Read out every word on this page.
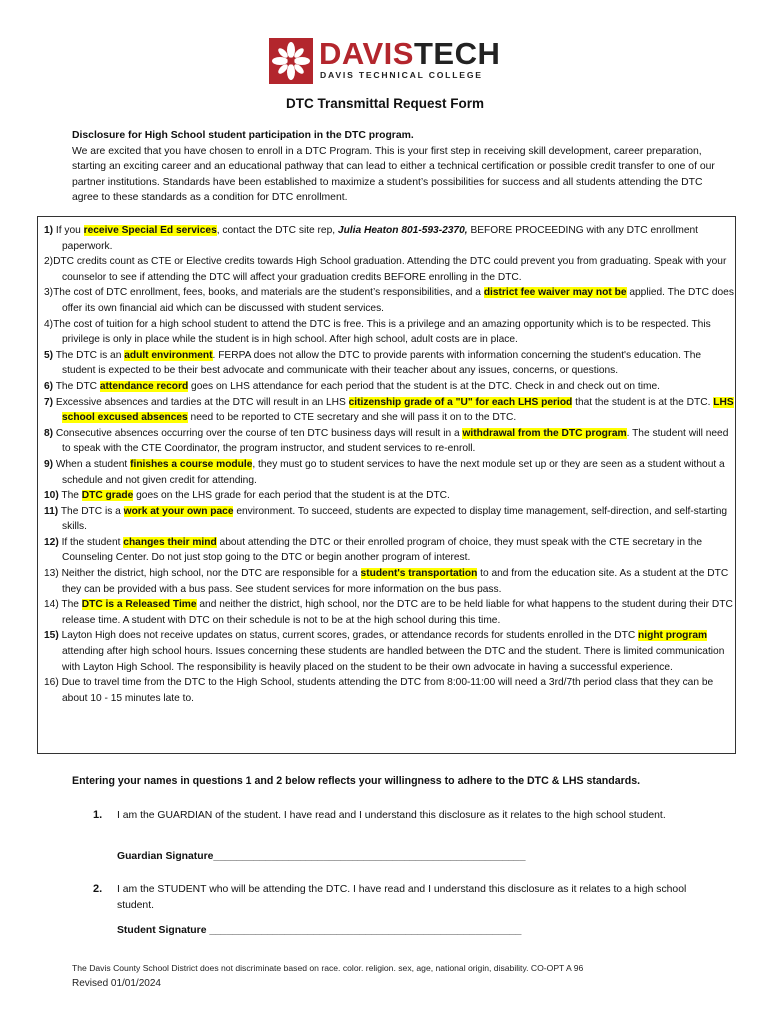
DAVISTECH
DAVIS TECHNICAL COLLEGE
DTC Transmittal Request Form
Disclosure for High School student participation in the DTC program.
We are excited that you have chosen to enroll in a DTC Program. This is your first step in receiving skill development, career preparation, starting an exciting career and an educational pathway that can lead to either a technical certification or possible credit transfer to one of our partner institutions. Standards have been established to maximize a student’s possibilities for success and all students attending the DTC agree to these standards as a condition for DTC enrollment.

1) If you receive Special Ed services, contact the DTC site rep, Julia Heaton 801-593-2370, BEFORE PROCEEDING with any DTC enrollment paperwork.

2)DTC credits count as CTE or Elective credits towards High School graduation. Attending the DTC could prevent you from graduating. Speak with your counselor to see if attending the DTC will affect your graduation credits BEFORE enrolling in the DTC.

3)The cost of DTC enrollment, fees, books, and materials are the student’s responsibilities, and a district fee waiver may not be applied. The DTC does offer its own financial aid which can be discussed with student services.

4)The cost of tuition for a high school student to attend the DTC is free. This is a privilege and an amazing opportunity which is to be respected. This privilege is only in place while the student is in high school. After high school, adult costs are in place.

5) The DTC is an adult environment. FERPA does not allow the DTC to provide parents with information concerning the student's education. The student is expected to be their best advocate and communicate with their teacher about any issues, concerns, or questions.

6) The DTC attendance record goes on LHS attendance for each period that the student is at the DTC. Check in and check out on time.

7) Excessive absences and tardies at the DTC will result in an LHS citizenship grade of a "U" for each LHS period that the student is at the DTC. LHS school excused absences need to be reported to CTE secretary and she will pass it on to the DTC.

8) Consecutive absences occurring over the course of ten DTC business days will result in a withdrawal from the DTC program. The student will need to speak with the CTE Coordinator, the program instructor, and student services to re-enroll.

9) When a student finishes a course module, they must go to student services to have the next module set up or they are seen as a student without a schedule and not given credit for attending.

10) The DTC grade goes on the LHS grade for each period that the student is at the DTC.

11) The DTC is a work at your own pace environment. To succeed, students are expected to display time management, self-direction, and self-starting skills.

12) If the student changes their mind about attending the DTC or their enrolled program of choice, they must speak with the CTE secretary in the Counseling Center. Do not just stop going to the DTC or begin another program of interest.

13) Neither the district, high school, nor the DTC are responsible for a student's transportation to and from the education site. As a student at the DTC they can be provided with a bus pass. See student services for more information on the bus pass.

14) The DTC is a Released Time and neither the district, high school, nor the DTC are to be held liable for what happens to the student during their DTC release time. A student with DTC on their schedule is not to be at the high school during this time.

15) Layton High does not receive updates on status, current scores, grades, or attendance records for students enrolled in the DTC night program attending after high school hours. Issues concerning these students are handled between the DTC and the student. There is limited communication with Layton High School. The responsibility is heavily placed on the student to be their own advocate in having a successful experience.

16) Due to travel time from the DTC to the High School, students attending the DTC from 8:00-11:00 will need a 3rd/7th period class that they can be about 10 - 15 minutes late to.

Entering your names in questions 1 and 2 below reflects your willingness to adhere to the DTC & LHS standards.
1. I am the GUARDIAN of the student. I have read and I understand this disclosure as it relates to the high school student.
Guardian Signature______________________________________________________
2. I am the STUDENT who will be attending the DTC. I have read and I understand this disclosure as it relates to a high school student.
Student Signature ______________________________________________________
The Davis County School District does not discriminate based on race. color. religion. sex, age, national origin, disability. CO-OPT A 96
Revised 01/01/2024
